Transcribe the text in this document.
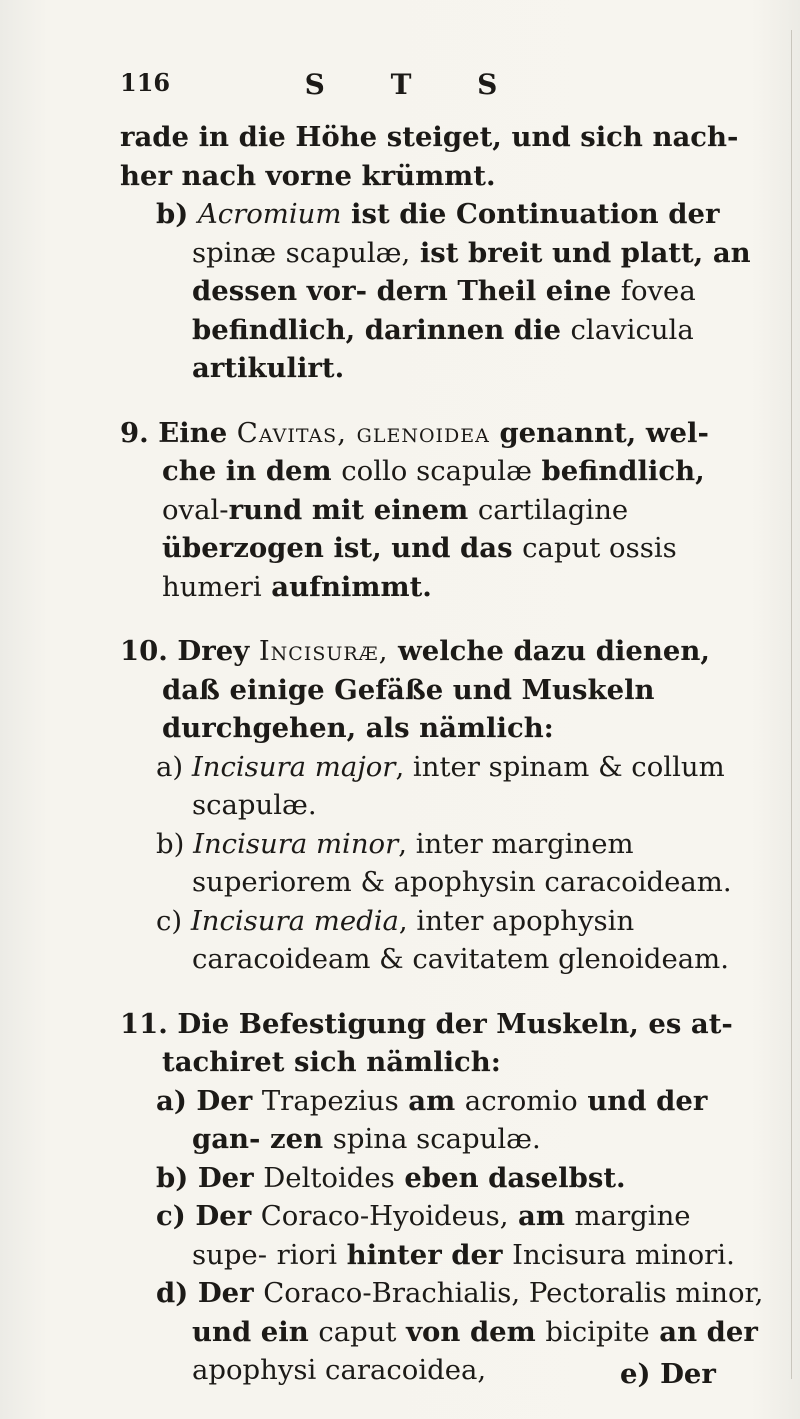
116	S T S

rade in die Höhe steiget, und sich nach-
her nach vorne krümmt.

b) Acromium ist die Continuation der spinæ scapulæ, ist breit und platt, an dessen vor- dern Theil eine fovea befindlich, darinnen die clavicula artikulirt.

9. Eine Cavitas, glenoidea genannt, wel- che in dem collo scapulæ befindlich, oval-rund mit einem cartilagine überzogen ist, und das caput ossis humeri aufnimmt.

10. Drey Incisuræ, welche dazu dienen, daß einige Gefäße und Muskeln durchgehen, als nämlich:

a) Incisura major, inter spinam & collum scapulæ.

b) Incisura minor, inter marginem superiorem & apophysin caracoideam.

c) Incisura media, inter apophysin caracoideam & cavitatem glenoideam.

11. Die Befestigung der Muskeln, es at- tachiret sich nämlich:

a) Der Trapezius am acromio und der gan- zen spina scapulæ.

b) Der Deltoides eben daselbst.

c) Der Coraco-Hyoideus, am margine supe- riori hinter der Incisura minori.

d) Der Coraco-Brachialis, Pectoralis minor, und ein caput von dem bicipite an der apophysi caracoidea,	e) Der
